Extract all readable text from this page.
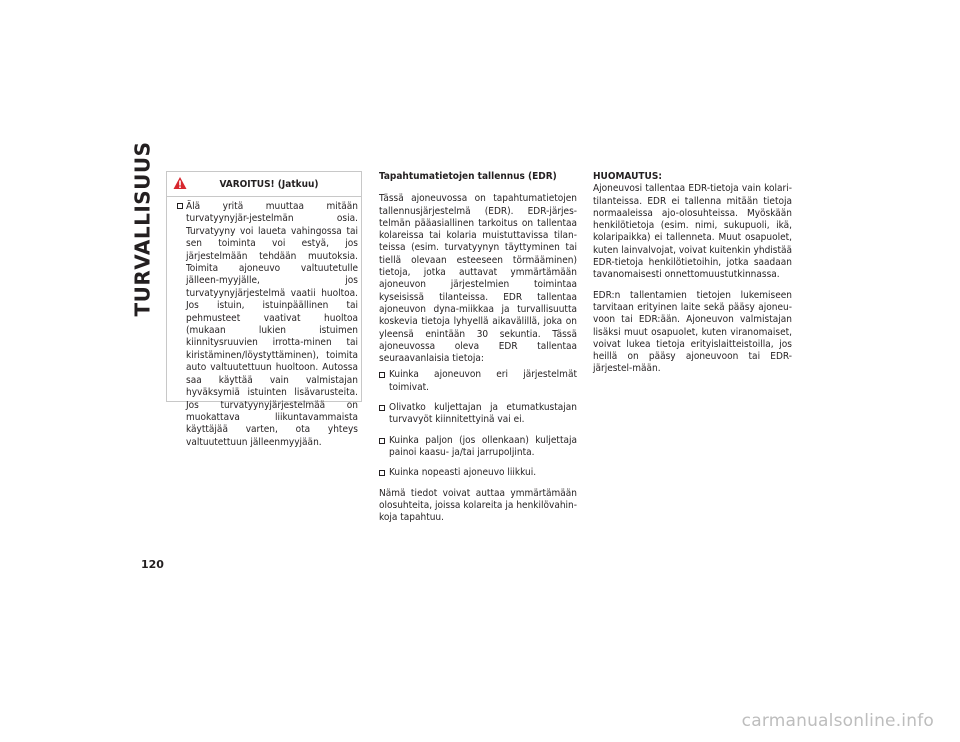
TURVALLISUUS
120
VAROITUS! (Jatkuu)
Älä yritä muuttaa mitään turvatyynyjär-jestelmän osia. Turvatyyny voi laueta vahingossa tai sen toiminta voi estyä, jos järjestelmään tehdään muutoksia. Toimita ajoneuvo valtuutetulle jälleen-myyjälle, jos turvatyynyjärjestelmä vaatii huoltoa. Jos istuin, istuinpäällinen tai pehmusteet vaativat huoltoa (mukaan lukien istuimen kiinnitysruuvien irrotta-minen tai kiristäminen/löystyttäminen), toimita auto valtuutettuun huoltoon. Autossa saa käyttää vain valmistajan hyväksymiä istuinten lisävarusteita. Jos turvatyynyjärjestelmää on muokattava liikuntavammaista käyttäjää varten, ota yhteys valtuutettuun jälleenmyyjään.
Tapahtumatietojen tallennus (EDR)

Tässä ajoneuvossa on tapahtumatietojen tallennusjärjestelmä (EDR). EDR-järjes-telmän pääasiallinen tarkoitus on tallentaa kolareissa tai kolaria muistuttavissa tilan-teissa (esim. turvatyynyn täyttyminen tai tiellä olevaan esteeseen törmääminen) tietoja, jotka auttavat ymmärtämään ajoneuvon järjestelmien toimintaa kyseisissä tilanteissa. EDR tallentaa ajoneuvon dyna-miikkaa ja turvallisuutta koskevia tietoja lyhyellä aikavälillä, joka on yleensä enintään 30 sekuntia. Tässä ajoneuvossa oleva EDR tallentaa seuraavanlaisia tietoja:

Kuinka ajoneuvon eri järjestelmät toimivat.
Olivatko kuljettajan ja etumatkustajan turvavyöt kiinnitettyinä vai ei.
Kuinka paljon (jos ollenkaan) kuljettaja painoi kaasu- ja/tai jarrupoljinta.
Kuinka nopeasti ajoneuvo liikkui.

Nämä tiedot voivat auttaa ymmärtämään olosuhteita, joissa kolareita ja henkilövahin-koja tapahtuu.

HUOMAUTUS:

Ajoneuvosi tallentaa EDR-tietoja vain kolari-tilanteissa. EDR ei tallenna mitään tietoja normaaleissa ajo-olosuhteissa. Myöskään henkilötietoja (esim. nimi, sukupuoli, ikä, kolaripaikka) ei tallenneta. Muut osapuolet, kuten lainvalvojat, voivat kuitenkin yhdistää EDR-tietoja henkilötietoihin, jotka saadaan tavanomaisesti onnettomuustutkinnassa.

EDR:n tallentamien tietojen lukemiseen tarvitaan erityinen laite sekä pääsy ajoneu-voon tai EDR:ään. Ajoneuvon valmistajan lisäksi muut osapuolet, kuten viranomaiset, voivat lukea tietoja erityislaitteistoilla, jos heillä on pääsy ajoneuvoon tai EDR-järjestel-mään.

carmanualsonline.info
